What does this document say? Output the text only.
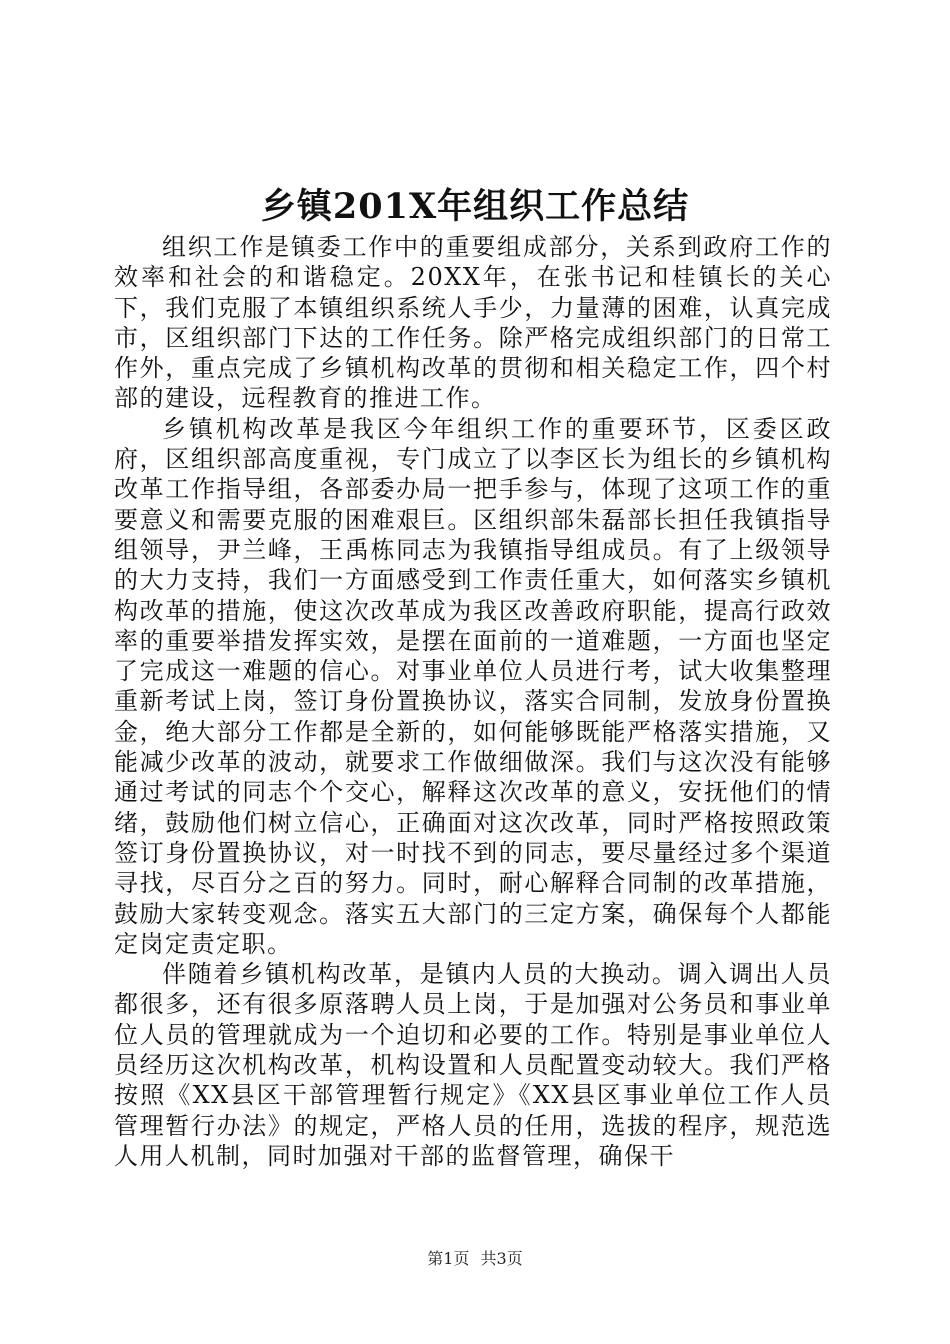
乡镇201X年组织工作总结

组织工作是镇委工作中的重要组成部分，关系到政府工作的效率和社会的和谐稳定。20XX年，在张书记和桂镇长的关心下，我们克服了本镇组织系统人手少，力量薄的困难，认真完成市，区组织部门下达的工作任务。除严格完成组织部门的日常工作外，重点完成了乡镇机构改革的贯彻和相关稳定工作，四个村部的建设，远程教育的推进工作。

乡镇机构改革是我区今年组织工作的重要环节，区委区政府，区组织部高度重视，专门成立了以李区长为组长的乡镇机构改革工作指导组，各部委办局一把手参与，体现了这项工作的重要意义和需要克服的困难艰巨。区组织部朱磊部长担任我镇指导组领导，尹兰峰，王禹栋同志为我镇指导组成员。有了上级领导的大力支持，我们一方面感受到工作责任重大，如何落实乡镇机构改革的措施，使这次改革成为我区改善政府职能，提高行政效率的重要举措发挥实效，是摆在面前的一道难题，一方面也坚定了完成这一难题的信心。对事业单位人员进行考，试大收集整理重新考试上岗，签订身份置换协议，落实合同制，发放身份置换金，绝大部分工作都是全新的，如何能够既能严格落实措施，又能减少改革的波动，就要求工作做细做深。我们与这次没有能够通过考试的同志个个交心，解释这次改革的意义，安抚他们的情绪，鼓励他们树立信心，正确面对这次改革，同时严格按照政策签订身份置换协议，对一时找不到的同志，要尽量经过多个渠道寻找，尽百分之百的努力。同时，耐心解释合同制的改革措施，鼓励大家转变观念。落实五大部门的三定方案，确保每个人都能定岗定责定职。

伴随着乡镇机构改革，是镇内人员的大换动。调入调出人员都很多，还有很多原落聘人员上岗，于是加强对公务员和事业单位人员的管理就成为一个迫切和必要的工作。特别是事业单位人员经历这次机构改革，机构设置和人员配置变动较大。我们严格按照《XX县区干部管理暂行规定》《XX县区事业单位工作人员管理暂行办法》的规定，严格人员的任用，选拔的程序，规范选人用人机制，同时加强对干部的监督管理，确保干

第1页 共3页
